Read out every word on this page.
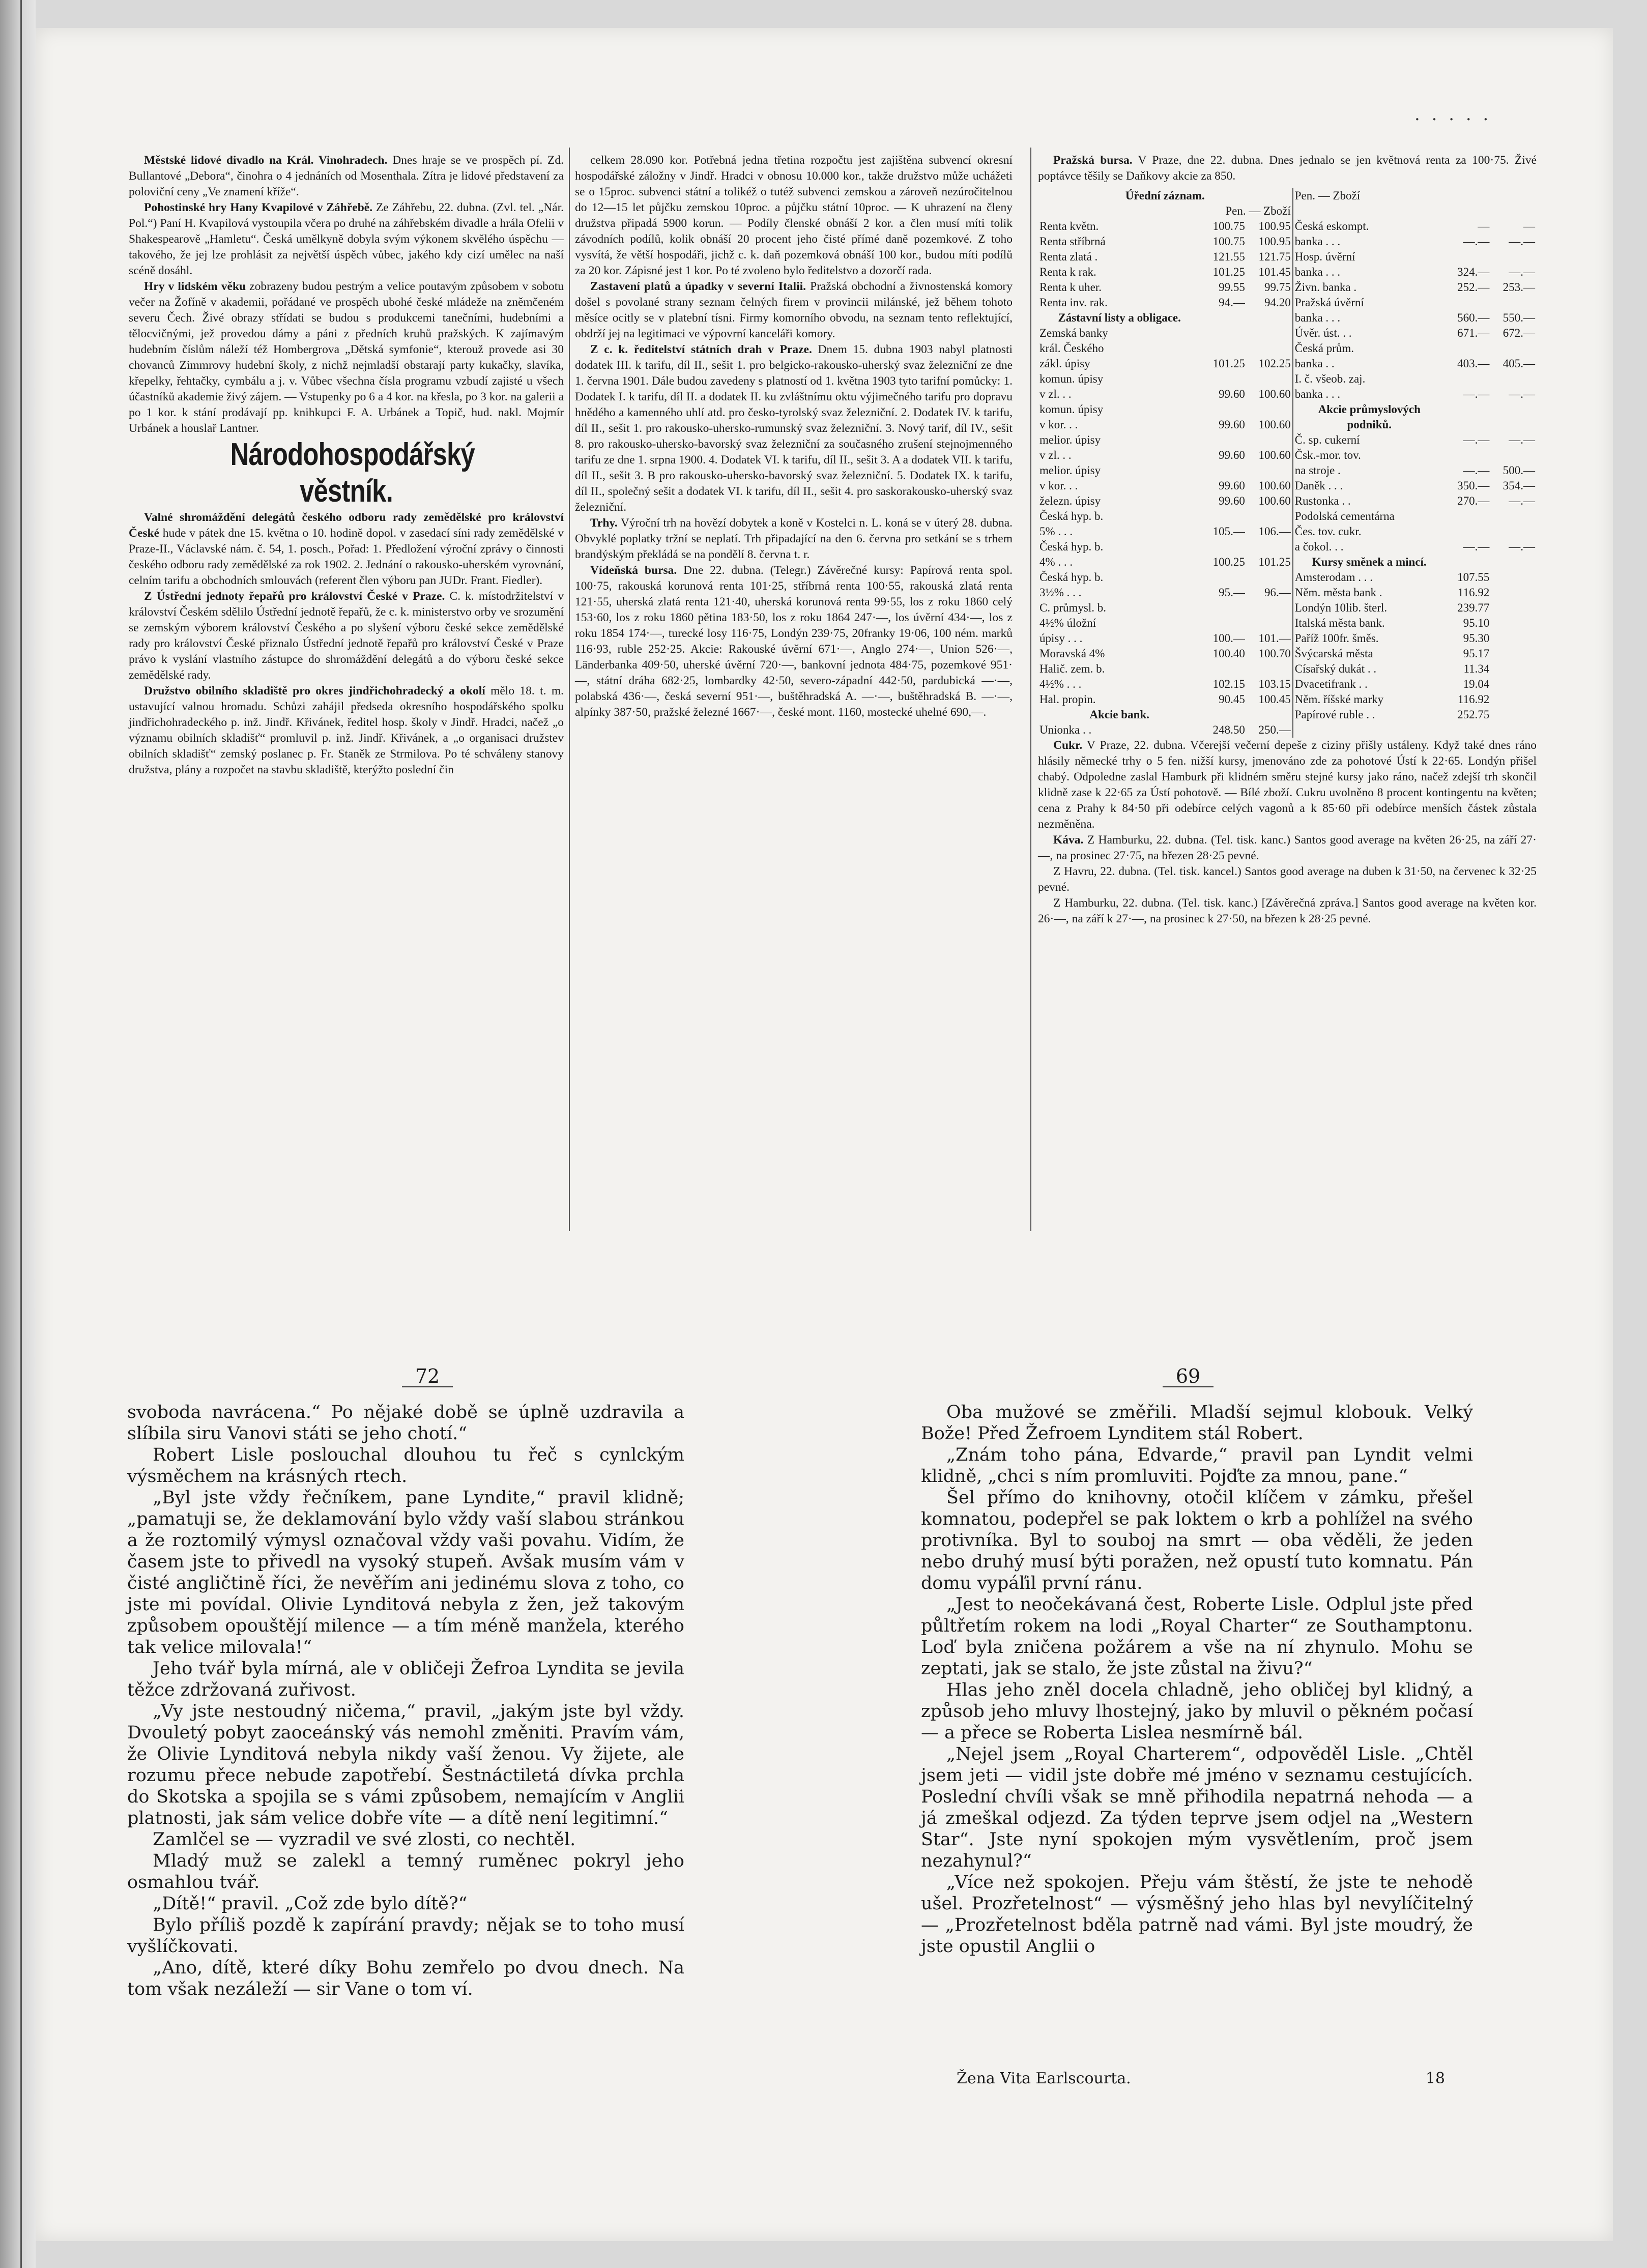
· · · · ·

Městské lidové divadlo na Král. Vinohradech. Dnes hraje se ve prospěch pí. Zd. Bullantové „Debora“, činohra o 4 jednáních od Mosenthala. Zítra je lidové představení za poloviční ceny „Ve znamení kříže“.

Pohostinské hry Hany Kvapilové v Záhřebě. Ze Záhřebu, 22. dubna. (Zvl. tel. „Nár. Pol.“) Paní H. Kvapilová vystoupila včera po druhé na záhřebském divadle a hrála Ofelii v Shakespearově „Hamletu“. Česká umělkyně dobyla svým výkonem skvělého úspěchu — takového, že jej lze prohlásit za největší úspěch vůbec, jakého kdy cizí umělec na naší scéně dosáhl.

Hry v lidském věku zobrazeny budou pestrým a velice poutavým způsobem v sobotu večer na Žofíně v akademii, pořádané ve prospěch ubohé české mládeže na zněmčeném severu Čech. Živé obrazy střídati se budou s produkcemi tanečními, hudebními a tělocvičnými, jež provedou dámy a páni z předních kruhů pražských. K zajímavým hudebním číslům náleží též Hombergrova „Dětská symfonie“, kterouž provede asi 30 chovanců Zimmrovy hudební školy, z nichž nejmladší obstarají party kukačky, slavíka, křepelky, řehtačky, cymbálu a j. v. Vůbec všechna čísla programu vzbudí zajisté u všech účastníků akademie živý zájem. — Vstupenky po 6 a 4 kor. na křesla, po 3 kor. na galerii a po 1 kor. k stání prodávají pp. knihkupci F. A. Urbánek a Topič, hud. nakl. Mojmír Urbánek a houslař Lantner.

Národohospodářský věstník.

Valné shromáždění delegátů českého odboru rady zemědělské pro království České hude v pátek dne 15. května o 10. hodině dopol. v zasedací síni rady zemědělské v Praze-II., Václavské nám. č. 54, 1. posch., Pořad: 1. Předložení výroční zprávy o činnosti českého odboru rady zemědělské za rok 1902. 2. Jednání o rakousko-uherském vyrovnání, celním tarifu a obchodních smlouvách (referent člen výboru pan JUDr. Frant. Fiedler).

Z Ústřední jednoty řepařů pro království České v Praze. C. k. místodržitelství v království Českém sdělilo Ústřední jednotě řepařů, že c. k. ministerstvo orby ve srozumění se zemským výborem království Českého a po slyšení výboru české sekce zemědělské rady pro království České přiznalo Ústřední jednotě řepařů pro království České v Praze právo k vyslání vlastního zástupce do shromáždění delegátů a do výboru české sekce zemědělské rady.

Družstvo obilního skladiště pro okres jindřichohradecký a okolí mělo 18. t. m. ustavující valnou hromadu. Schůzi zahájil předseda okresního hospodářského spolku jindřichohradeckého p. inž. Jindř. Křivánek, ředitel hosp. školy v Jindř. Hradci, načež „o významu obilních skladišť“ promluvil p. inž. Jindř. Křivánek, a „o organisaci družstev obilních skladišť“ zemský poslanec p. Fr. Staněk ze Strmilova. Po té schváleny stanovy družstva, plány a rozpočet na stavbu skladiště, kterýžto poslední čin

celkem 28.090 kor. Potřebná jedna třetina rozpočtu jest zajištěna subvencí okresní hospodářské záložny v Jindř. Hradci v obnosu 10.000 kor., takže družstvo může uchážeti se o 15proc. subvenci státní a tolikéž o tutéž subvenci zemskou a zároveň nezúročitelnou do 12—15 let půjčku zemskou 10proc. a půjčku státní 10proc. — K uhrazení na členy družstva připadá 5900 korun. — Podíly členské obnáší 2 kor. a člen musí míti tolik závodních podílů, kolik obnáší 20 procent jeho čisté přímé daně pozemkové. Z toho vysvítá, že větší hospodáři, jichž c. k. daň pozemková obnáší 100 kor., budou míti podílů za 20 kor. Zápisné jest 1 kor. Po té zvoleno bylo ředitelstvo a dozorčí rada.

Zastavení platů a úpadky v severní Italii. Pražská obchodní a živnostenská komory došel s povolané strany seznam čelných firem v provincii milánské, jež během tohoto měsíce ocitly se v platební tísni. Firmy komorního obvodu, na seznam tento reflektující, obdrží jej na legitimaci ve výpovrní kanceláři komory.

Z c. k. ředitelství státních drah v Praze. Dnem 15. dubna 1903 nabyl platnosti dodatek III. k tarifu, díl II., sešit 1. pro belgicko-rakousko-uherský svaz železniční ze dne 1. června 1901. Dále budou zavedeny s platností od 1. května 1903 tyto tarifní pomůcky: 1. Dodatek I. k tarifu, díl II. a dodatek II. ku zvláštnímu oktu výjimečného tarifu pro dopravu hnědého a kamenného uhlí atd. pro česko-tyrolský svaz železniční. 2. Dodatek IV. k tarifu, díl II., sešit 1. pro rakousko-uhersko-rumunský svaz železniční. 3. Nový tarif, díl IV., sešit 8. pro rakousko-uhersko-bavorský svaz železniční za současného zrušení stejnojmenného tarifu ze dne 1. srpna 1900. 4. Dodatek VI. k tarifu, díl II., sešit 3. A a dodatek VII. k tarifu, díl II., sešit 3. B pro rakousko-uhersko-bavorský svaz železniční. 5. Dodatek IX. k tarifu, díl II., společný sešit a dodatek VI. k tarifu, díl II., sešit 4. pro saskorakousko-uherský svaz železniční.

Trhy. Výroční trh na hovězí dobytek a koně v Kostelci n. L. koná se v úterý 28. dubna. Obvyklé poplatky tržní se neplatí. Trh připadající na den 6. června pro setkání se s trhem brandýským překládá se na pondělí 8. června t. r.

Vídeňská bursa. Dne 22. dubna. (Telegr.) Závěrečné kursy: Papírová renta spol. 100·75, rakouská korunová renta 101·25, stříbrná renta 100·55, rakouská zlatá renta 121·55, uherská zlatá renta 121·40, uherská korunová renta 99·55, los z roku 1860 celý 153·60, los z roku 1860 pětina 183·50, los z roku 1864 247·—, los úvěrní 434·—, los z roku 1854 174·—, turecké losy 116·75, Londýn 239·75, 20franky 19·06, 100 ném. marků 116·93, ruble 252·25. Akcie: Rakouské úvěrní 671·—, Anglo 274·—, Union 526·—, Länderbanka 409·50, uherské úvěrní 720·—, bankovní jednota 484·75, pozemkové 951·—, státní dráha 682·25, lombardky 42·50, severo-západní 442·50, pardubická —·—, polabská 436·—, česká severní 951·—, buštěhradská A. —·—, buštěhradská B. —·—, alpínky 387·50, pražské železné 1667·—, české mont. 1160, mostecké uhelné 690,—.

Pražská bursa. V Praze, dne 22. dubna. Dnes jednalo se jen květnová renta za 100·75. Živé poptávce těšily se Daňkovy akcie za 850.

Úřední záznam.			Pen. — Zboží		
Pen. — Zboží					
Renta květn.	100.75	100.95	Česká eskompt.	—	—
Renta stříbrná	100.75	100.95	banka . . .	—.—	—.—
Renta zlatá .	121.55	121.75	Hosp. úvěrní		
Renta k rak.	101.25	101.45	banka . . .	324.—	—.—
Renta k uher.	99.55	99.75	Živn. banka .	252.—	253.—
Renta inv. rak.	94.—	94.20	Pražská úvěrní		
Zástavní listy a obligace.			banka . . .	560.—	550.—
Zemská banky			Úvěr. úst. . .	671.—	672.—
král. Českého			Česká prům.		
zákl. úpisy	101.25	102.25	banka . .	403.—	405.—
komun. úpisy			I. č. všeob. zaj.		
v zl. . .	99.60	100.60	banka . . .	—.—	—.—
komun. úpisy			Akcie průmyslových		
v kor. . .	99.60	100.60	podniků.		
melior. úpisy			Č. sp. cukerní	—.—	—.—
v zl. . .	99.60	100.60	Čsk.-mor. tov.		
melior. úpisy			na stroje .	—.—	500.—
v kor. . .	99.60	100.60	Daněk . . .	350.—	354.—
železn. úpisy	99.60	100.60	Rustonka . .	270.—	—.—
Česká hyp. b.			Podolská cementárna		
5% . . .	105.—	106.—	Čes. tov. cukr.		
Česká hyp. b.			a čokol. . .	—.—	—.—
4% . . .	100.25	101.25	Kursy směnek a mincí.		
Česká hyp. b.			Amsterodam . . .	107.55	
3½% . . .	95.—	96.—	Něm. města bank .	116.92	
C. průmysl. b.			Londýn 10lib. šterl.	239.77	
4½% úložní			Italská města bank.	95.10	
úpisy . . .	100.—	101.—	Paříž 100fr. šměs.	95.30	
Moravská 4%	100.40	100.70	Švýcarská města	95.17	
Halič. zem. b.			Císařský dukát . .	11.34	
4½% . . .	102.15	103.15	Dvacetifrank . .	19.04	
Hal. propin.	90.45	100.45	Něm. říšské marky	116.92	
Akcie bank.			Papírové ruble . .	252.75	
Unionka . .	248.50	250.—			

Cukr. V Praze, 22. dubna. Včerejší večerní depeše z ciziny přišly ustáleny. Když také dnes ráno hlásily německé trhy o 5 fen. nižší kursy, jmenováno zde za pohotové Ústí k 22·65. Londýn přišel chabý. Odpoledne zaslal Hamburk při klidném směru stejné kursy jako ráno, načež zdejší trh skončil klidně zase k 22·65 za Ústí pohotově. — Bílé zboží. Cukru uvolněno 8 procent kontingentu na květen; cena z Prahy k 84·50 při odebírce celých vagonů a k 85·60 při odebírce menších částek zůstala nezměněna.

Káva. Z Hamburku, 22. dubna. (Tel. tisk. kanc.) Santos good average na květen 26·25, na září 27·—, na prosinec 27·75, na březen 28·25 pevné.

Z Havru, 22. dubna. (Tel. tisk. kancel.) Santos good average na duben k 31·50, na červenec k 32·25 pevné.

Z Hamburku, 22. dubna. (Tel. tisk. kanc.) [Závěrečná zpráva.] Santos good average na květen kor. 26·—, na září k 27·—, na prosinec k 27·50, na březen k 28·25 pevné.

72	69

svoboda navrácena.“ Po nějaké době se úplně uzdravila a slíbila siru Vanovi státi se jeho chotí.“

Robert Lisle poslouchal dlouhou tu řeč s cynlckým výsměchem na krásných rtech.

„Byl jste vždy řečníkem, pane Lyndite,“ pravil klidně; „pamatuji se, že deklamování bylo vždy vaší slabou stránkou a že roztomilý výmysl označoval vždy vaši povahu. Vidím, že časem jste to přivedl na vysoký stupeň. Avšak musím vám v čisté angličtině říci, že nevěřím ani jedinému slova z toho, co jste mi povídal. Olivie Lynditová nebyla z žen, jež takovým způsobem opouštějí milence — a tím méně manžela, kterého tak velice milovala!“

Jeho tvář byla mírná, ale v obličeji Žefroa Lyndita se jevila těžce zdržovaná zuřivost.

„Vy jste nestoudný ničema,“ pravil, „jakým jste byl vždy. Dvouletý pobyt zaoceánský vás nemohl změniti. Pravím vám, že Olivie Lynditová nebyla nikdy vaší ženou. Vy žijete, ale rozumu přece nebude zapotřebí. Šestnáctiletá dívka prchla do Skotska a spojila se s vámi způsobem, nemajícím v Anglii platnosti, jak sám velice dobře víte — a dítě není legitimní.“

Zamlčel se — vyzradil ve své zlosti, co nechtěl.

Mladý muž se zalekl a temný ruměnec pokryl jeho osmahlou tvář.

„Dítě!“ pravil. „Což zde bylo dítě?“

Bylo příliš pozdě k zapírání pravdy; nějak se to toho musí vyšlíčkovati.

„Ano, dítě, které díky Bohu zemřelo po dvou dnech. Na tom však nezáleží — sir Vane o tom ví.

Oba mužové se změřili. Mladší sejmul klobouk. Velký Bože! Před Žefroem Lynditem stál Robert.

„Znám toho pána, Edvarde,“ pravil pan Lyndit velmi klidně, „chci s ním promluviti. Pojďte za mnou, pane.“

Šel přímo do knihovny, otočil klíčem v zámku, přešel komnatou, podepřel se pak loktem o krb a pohlížel na svého protivníka. Byl to souboj na smrt — oba věděli, že jeden nebo druhý musí býti poražen, než opustí tuto komnatu. Pán domu vypáľil první ránu.

„Jest to neočekávaná čest, Roberte Lisle. Odplul jste před půltřetím rokem na lodi „Royal Charter“ ze Southamptonu. Loď byla zničena požárem a vše na ní zhynulo. Mohu se zeptati, jak se stalo, že jste zůstal na živu?“

Hlas jeho zněl docela chladně, jeho obličej byl klidný, a způsob jeho mluvy lhostejný, jako by mluvil o pěkném počasí — a přece se Roberta Lislea nesmírně bál.

„Nejel jsem „Royal Charterem“, odpověděl Lisle. „Chtěl jsem jeti — vidil jste dobře mé jméno v seznamu cestujících. Poslední chvíli však se mně přihodila nepatrná nehoda — a já zmeškal odjezd. Za týden teprve jsem odjel na „Western Star“. Jste nyní spokojen mým vysvětlením, proč jsem nezahynul?“

„Více než spokojen. Přeju vám štěstí, že jste te nehodě ušel. Prozřetelnost“ — výsměšný jeho hlas byl nevylíčitelný — „Prozřetelnost bděla patrně nad vámi. Byl jste moudrý, že jste opustil Anglii o

Žena Vita Earlscourta.	18
